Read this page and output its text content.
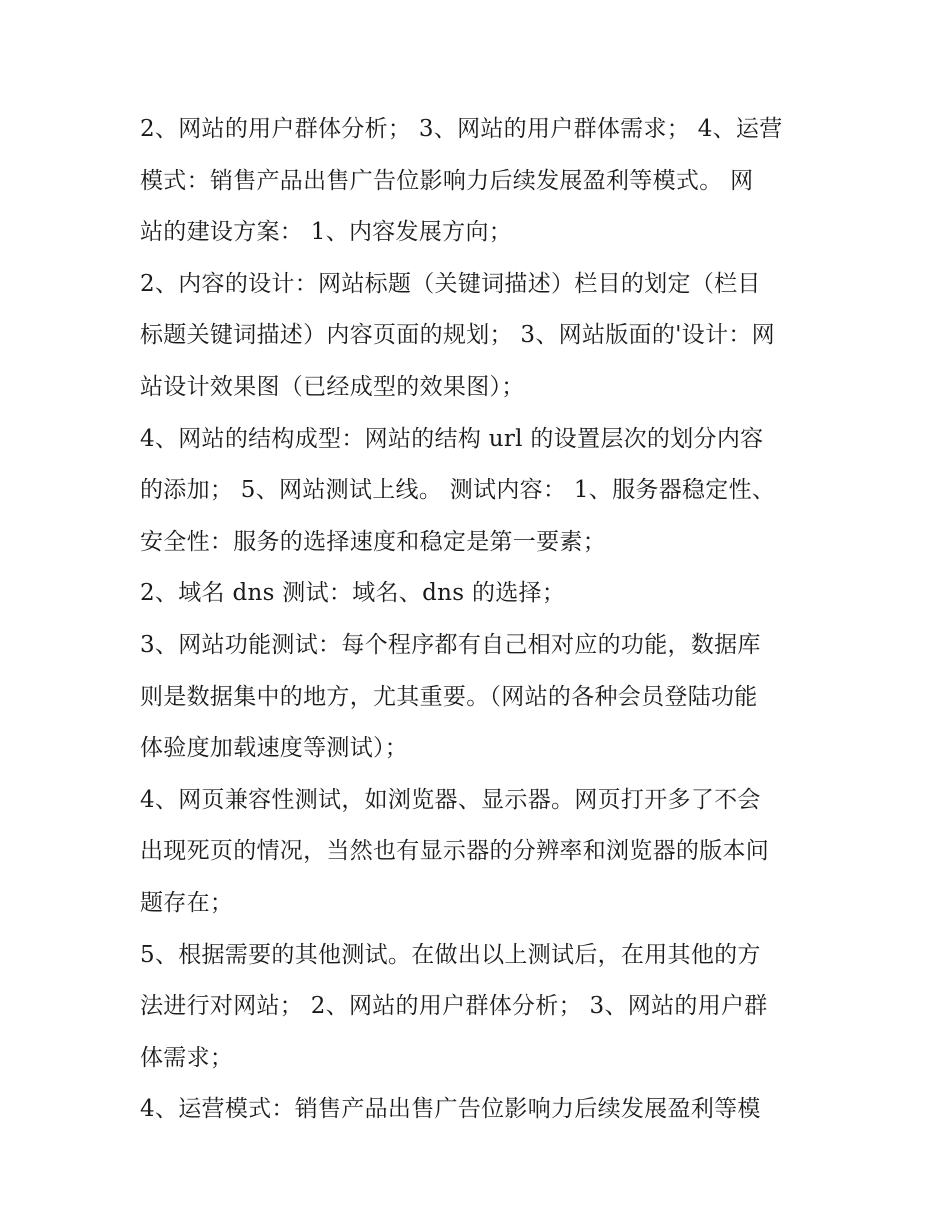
2、网站的用户群体分析； 3、网站的用户群体需求； 4、运营
模式：销售产品出售广告位影响力后续发展盈利等模式。 网
站的建设方案： 1、内容发展方向；
2、内容的设计：网站标题（关键词描述）栏目的划定（栏目
标题关键词描述）内容页面的规划； 3、网站版面的'设计：网
站设计效果图（已经成型的效果图）；
4、网站的结构成型：网站的结构 url 的设置层次的划分内容
的添加； 5、网站测试上线。 测试内容： 1、服务器稳定性、
安全性：服务的选择速度和稳定是第一要素；
2、域名 dns 测试：域名、dns 的选择；
3、网站功能测试：每个程序都有自己相对应的功能，数据库
则是数据集中的地方，尤其重要。（网站的各种会员登陆功能
体验度加载速度等测试）；
4、网页兼容性测试，如浏览器、显示器。网页打开多了不会
出现死页的情况，当然也有显示器的分辨率和浏览器的版本问
题存在；
5、根据需要的其他测试。在做出以上测试后，在用其他的方
法进行对网站； 2、网站的用户群体分析； 3、网站的用户群
体需求；
4、运营模式：销售产品出售广告位影响力后续发展盈利等模
